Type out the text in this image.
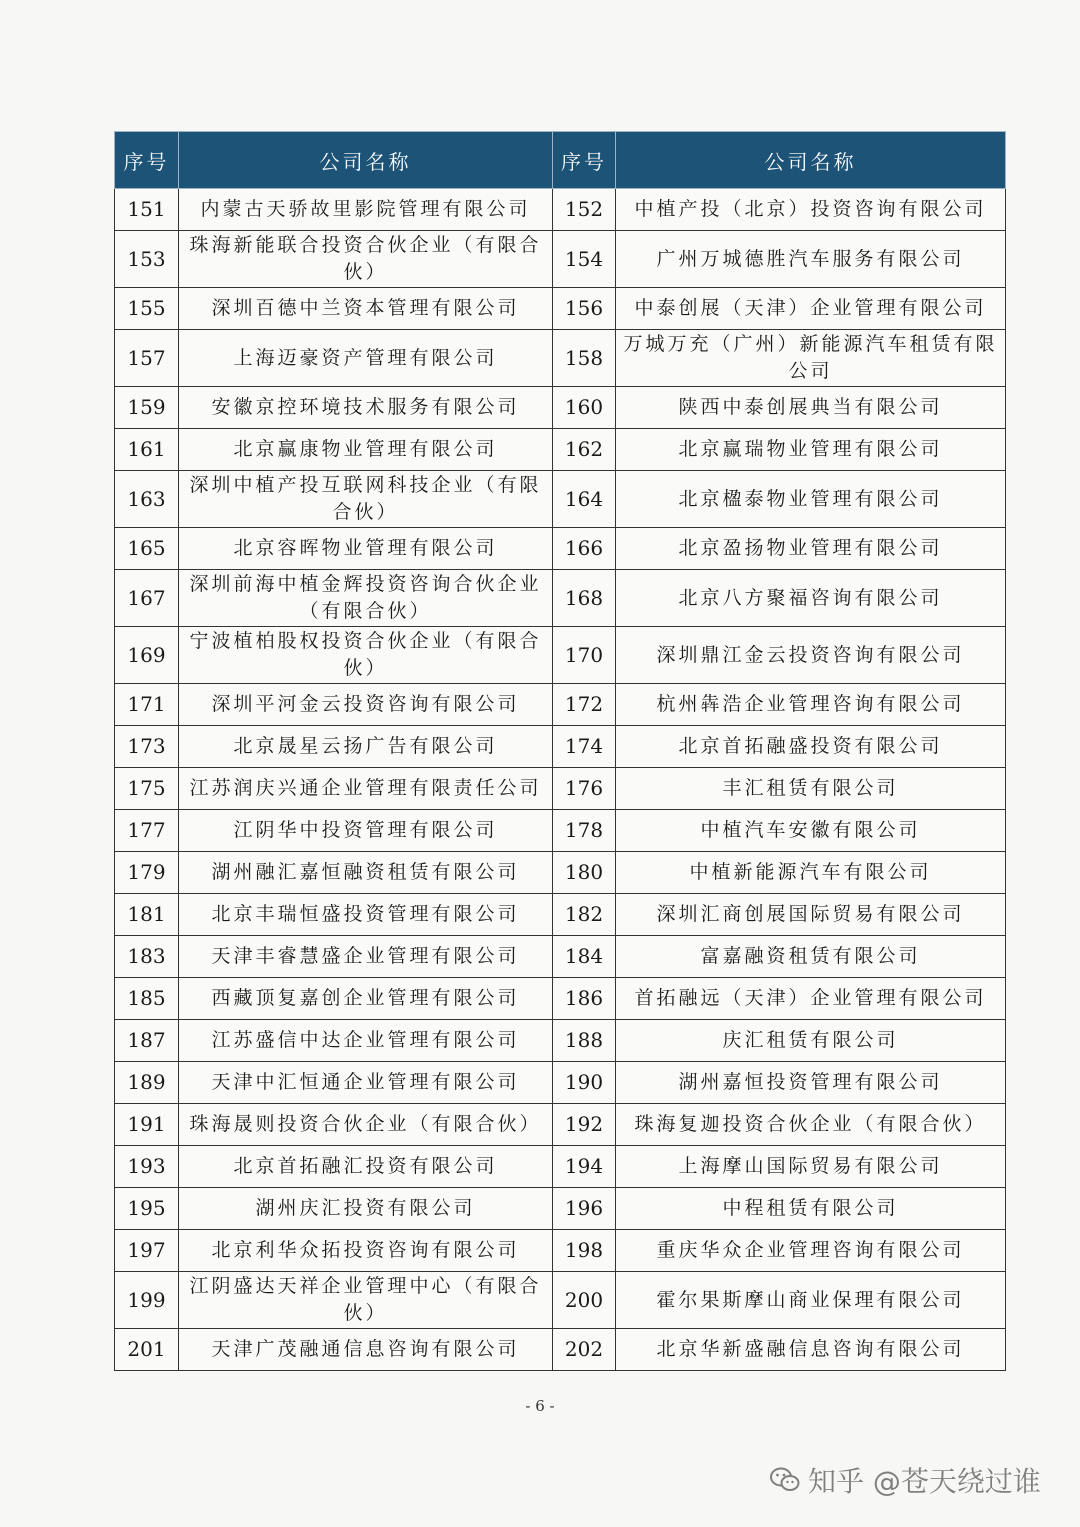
序号	公司名称	序号	公司名称
151	内蒙古天骄故里影院管理有限公司	152	中植产投（北京）投资咨询有限公司
153	珠海新能联合投资合伙企业（有限合伙）	154	广州万城德胜汽车服务有限公司
155	深圳百德中兰资本管理有限公司	156	中泰创展（天津）企业管理有限公司
157	上海迈豪资产管理有限公司	158	万城万充（广州）新能源汽车租赁有限公司
159	安徽京控环境技术服务有限公司	160	陕西中泰创展典当有限公司
161	北京赢康物业管理有限公司	162	北京赢瑞物业管理有限公司
163	深圳中植产投互联网科技企业（有限合伙）	164	北京楹泰物业管理有限公司
165	北京容晖物业管理有限公司	166	北京盈扬物业管理有限公司
167	深圳前海中植金辉投资咨询合伙企业（有限合伙）	168	北京八方聚福咨询有限公司
169	宁波植柏股权投资合伙企业（有限合伙）	170	深圳鼎江金云投资咨询有限公司
171	深圳平河金云投资咨询有限公司	172	杭州犇浩企业管理咨询有限公司
173	北京晟星云扬广告有限公司	174	北京首拓融盛投资有限公司
175	江苏润庆兴通企业管理有限责任公司	176	丰汇租赁有限公司
177	江阴华中投资管理有限公司	178	中植汽车安徽有限公司
179	湖州融汇嘉恒融资租赁有限公司	180	中植新能源汽车有限公司
181	北京丰瑞恒盛投资管理有限公司	182	深圳汇商创展国际贸易有限公司
183	天津丰睿慧盛企业管理有限公司	184	富嘉融资租赁有限公司
185	西藏顶复嘉创企业管理有限公司	186	首拓融远（天津）企业管理有限公司
187	江苏盛信中达企业管理有限公司	188	庆汇租赁有限公司
189	天津中汇恒通企业管理有限公司	190	湖州嘉恒投资管理有限公司
191	珠海晟则投资合伙企业（有限合伙）	192	珠海复迦投资合伙企业（有限合伙）
193	北京首拓融汇投资有限公司	194	上海摩山国际贸易有限公司
195	湖州庆汇投资有限公司	196	中程租赁有限公司
197	北京利华众拓投资咨询有限公司	198	重庆华众企业管理咨询有限公司
199	江阴盛达天祥企业管理中心（有限合伙）	200	霍尔果斯摩山商业保理有限公司
201	天津广茂融通信息咨询有限公司	202	北京华新盛融信息咨询有限公司
- 6 -
知乎 @苍天绕过谁
